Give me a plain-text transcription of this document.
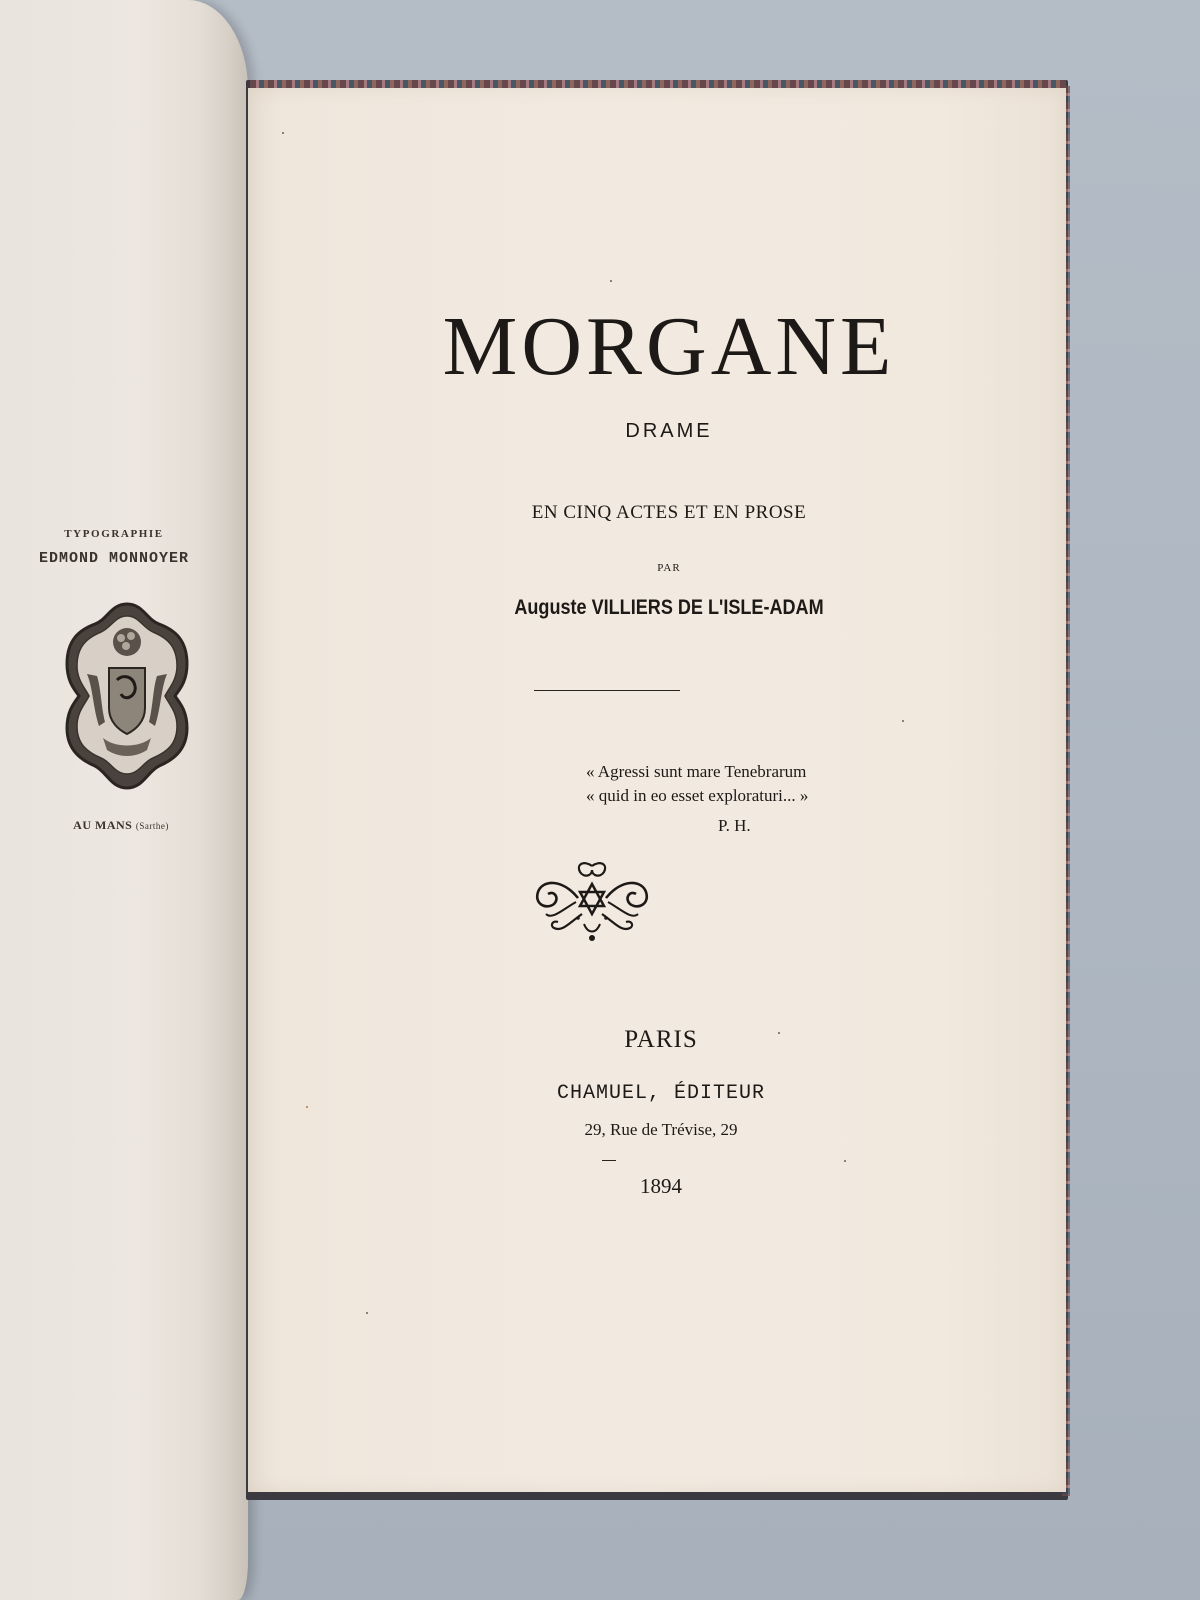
TYPOGRAPHIE
EDMOND MONNOYER
AU MANS (Sarthe)
MORGANE
DRAME
EN CINQ ACTES ET EN PROSE
PAR
Auguste VILLIERS DE L'ISLE-ADAM
« Agressi sunt mare Tenebrarum
« quid in eo esset exploraturi... »
P. H.
PARIS
CHAMUEL, ÉDITEUR
29, Rue de Trévise, 29
1894
